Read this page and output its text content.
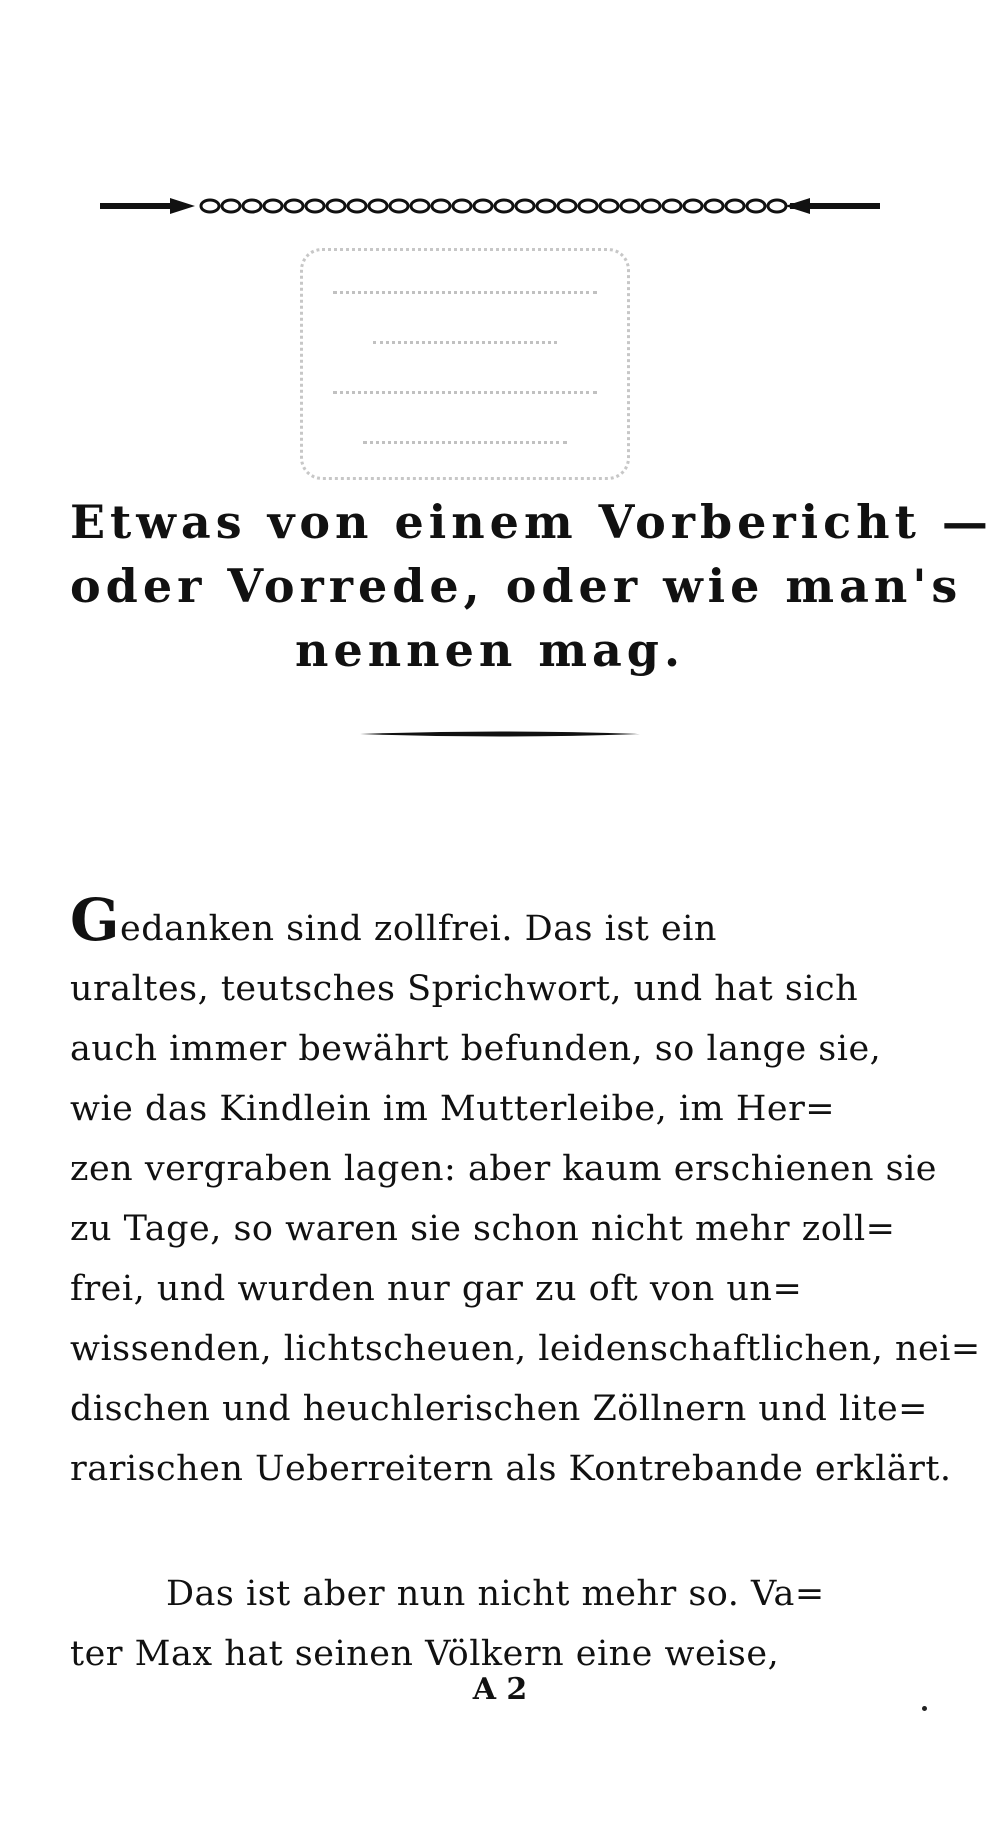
Etwas von einem Vorbericht —
oder Vorrede, oder wie man's
nennen mag.
Gedanken sind zollfrei. Das ist ein
uraltes, teutsches Sprichwort, und hat sich
auch immer bewährt befunden, so lange sie,
wie das Kindlein im Mutterleibe, im Her=
zen vergraben lagen: aber kaum erschienen sie
zu Tage, so waren sie schon nicht mehr zoll=
frei, und wurden nur gar zu oft von un=
wissenden, lichtscheuen, leidenschaftlichen, nei=
dischen und heuchlerischen Zöllnern und lite=
rarischen Ueberreitern als Kontrebande erklärt.
Das ist aber nun nicht mehr so. Va=
ter Max hat seinen Völkern eine weise,
A 2
